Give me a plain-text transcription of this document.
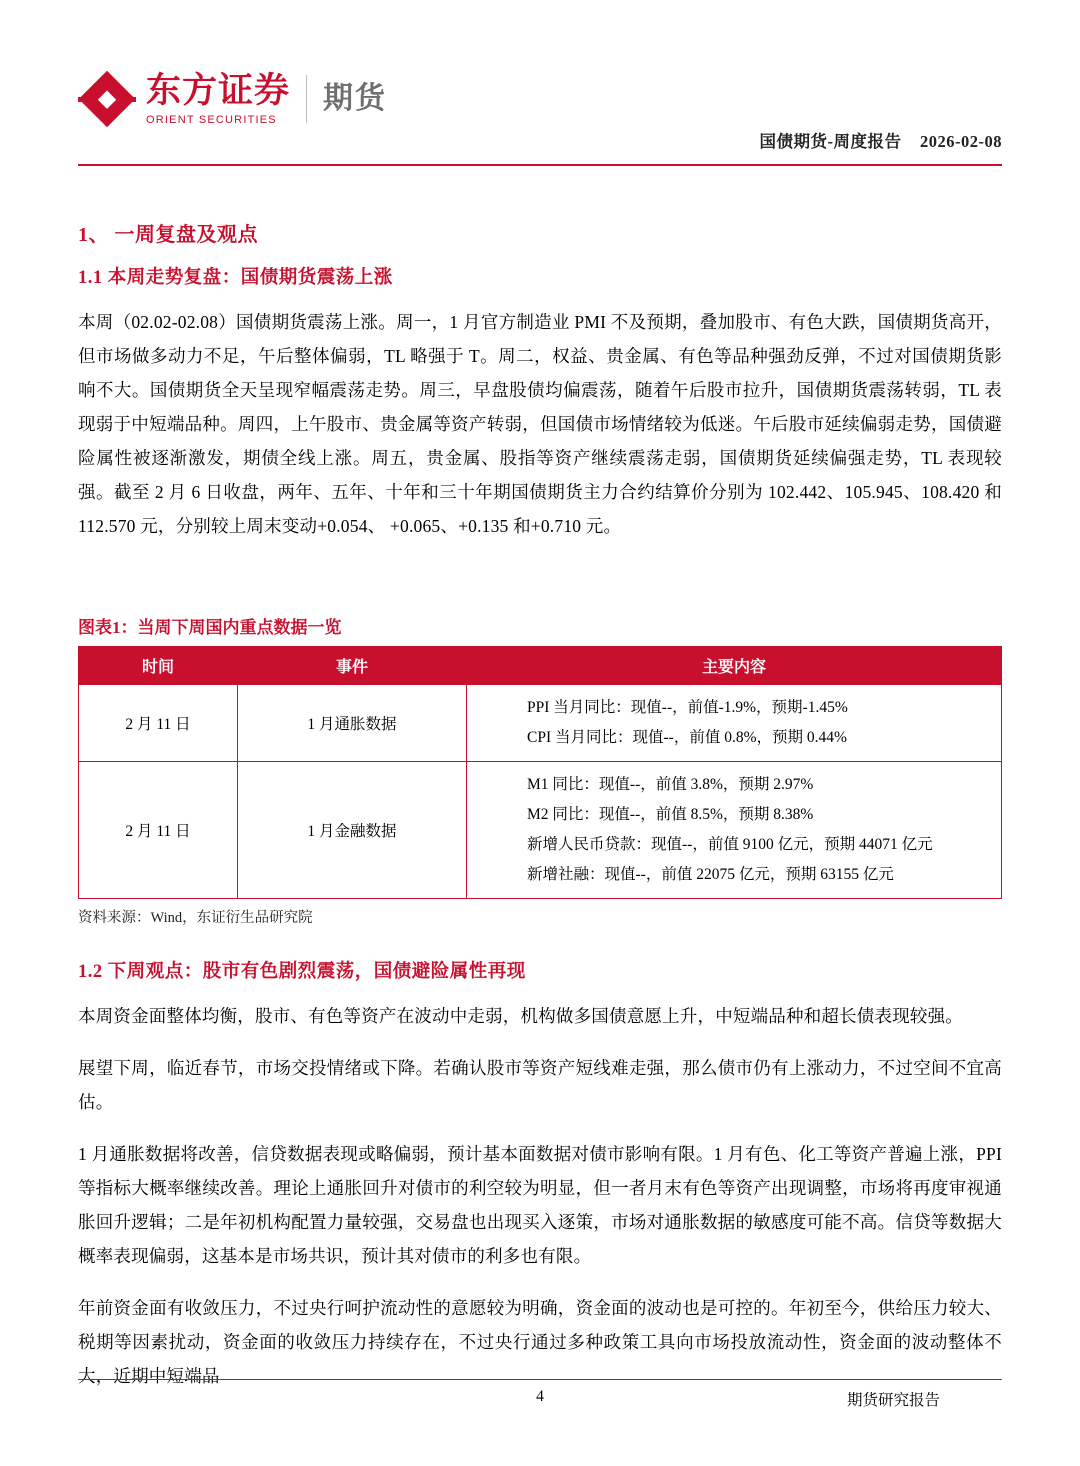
东方证券
ORIENT SECURITIES
期货
国债期货-周度报告 2026-02-08
1、 一周复盘及观点
1.1 本周走势复盘：国债期货震荡上涨

本周（02.02-02.08）国债期货震荡上涨。周一，1 月官方制造业 PMI 不及预期，叠加股市、有色大跌，国债期货高开，但市场做多动力不足，午后整体偏弱，TL 略强于 T。周二，权益、贵金属、有色等品种强劲反弹，不过对国债期货影响不大。国债期货全天呈现窄幅震荡走势。周三，早盘股债均偏震荡，随着午后股市拉升，国债期货震荡转弱，TL 表现弱于中短端品种。周四，上午股市、贵金属等资产转弱，但国债市场情绪较为低迷。午后股市延续偏弱走势，国债避险属性被逐渐激发，期债全线上涨。周五，贵金属、股指等资产继续震荡走弱，国债期货延续偏强走势，TL 表现较强。截至 2 月 6 日收盘，两年、五年、十年和三十年期国债期货主力合约结算价分别为 102.442、105.945、108.420 和 112.570 元，分别较上周末变动+0.054、 +0.065、+0.135 和+0.710 元。

图表1：当周下周国内重点数据一览
时间	事件	主要内容
2 月 11 日	1 月通胀数据	PPI 当月同比：现值--，前值-1.9%，预期-1.45%
CPI 当月同比：现值--，前值 0.8%，预期 0.44%

2 月 11 日	1 月金融数据	M1 同比：现值--，前值 3.8%，预期 2.97%
M2 同比：现值--，前值 8.5%，预期 8.38%
新增人民币贷款：现值--，前值 9100 亿元，预期 44071 亿元
新增社融：现值--，前值 22075 亿元，预期 63155 亿元
资料来源：Wind，东证衍生品研究院
1.2 下周观点：股市有色剧烈震荡，国债避险属性再现

本周资金面整体均衡，股市、有色等资产在波动中走弱，机构做多国债意愿上升，中短端品种和超长债表现较强。

展望下周，临近春节，市场交投情绪或下降。若确认股市等资产短线难走强，那么债市仍有上涨动力，不过空间不宜高估。

1 月通胀数据将改善，信贷数据表现或略偏弱，预计基本面数据对债市影响有限。1 月有色、化工等资产普遍上涨，PPI 等指标大概率继续改善。理论上通胀回升对债市的利空较为明显，但一者月末有色等资产出现调整，市场将再度审视通胀回升逻辑；二是年初机构配置力量较强，交易盘也出现买入逐策，市场对通胀数据的敏感度可能不高。信贷等数据大概率表现偏弱，这基本是市场共识，预计其对债市的利多也有限。

年前资金面有收敛压力，不过央行呵护流动性的意愿较为明确，资金面的波动也是可控的。年初至今，供给压力较大、税期等因素扰动，资金面的收敛压力持续存在，不过央行通过多种政策工具向市场投放流动性，资金面的波动整体不大，近期中短端品

4	期货研究报告
